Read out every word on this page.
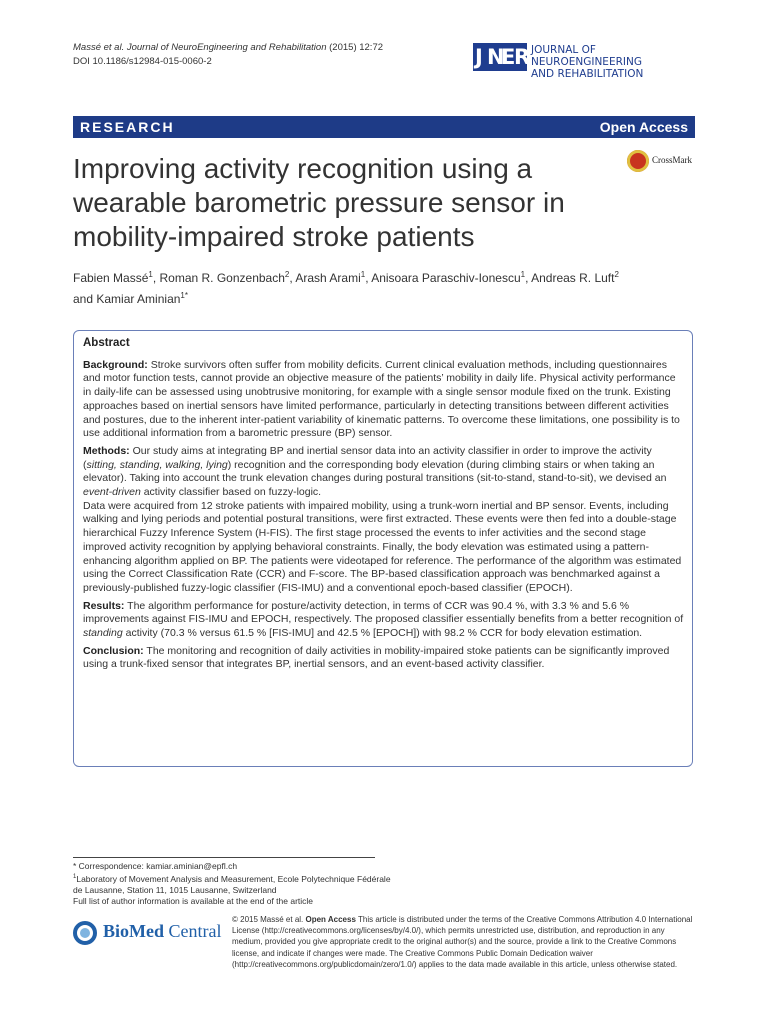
Massé et al. Journal of NeuroEngineering and Rehabilitation (2015) 12:72
DOI 10.1186/s12984-015-0060-2	J N
E
R JOURNAL OF NEUROENGINEERING
AND REHABILITATION
RESEARCH	Open Access
CrossMark
Improving activity recognition using a wearable barometric pressure sensor in mobility-impaired stroke patients
Fabien Massé$^1$, Roman R. Gonzenbach$^2$, Arash Arami$^1$, Anisoara Paraschiv-Ionescu$^1$, Andreas R. Luft$^2$
and Kamiar Aminian$^{1*}$
Abstract

Background: Stroke survivors often suffer from mobility deficits. Current clinical evaluation methods, including questionnaires and motor function tests, cannot provide an objective measure of the patients’ mobility in daily life. Physical activity performance in daily-life can be assessed using unobtrusive monitoring, for example with a single sensor module fixed on the trunk. Existing approaches based on inertial sensors have limited performance, particularly in detecting transitions between different activities and postures, due to the inherent inter-patient variability of kinematic patterns. To overcome these limitations, one possibility is to use additional information from a barometric pressure (BP) sensor.

Methods: Our study aims at integrating BP and inertial sensor data into an activity classifier in order to improve the activity (sitting, standing, walking, lying) recognition and the corresponding body elevation (during climbing stairs or when taking an elevator). Taking into account the trunk elevation changes during postural transitions (sit-to-stand, stand-to-sit), we devised an event-driven activity classifier based on fuzzy-logic.
Data were acquired from 12 stroke patients with impaired mobility, using a trunk-worn inertial and BP sensor. Events, including walking and lying periods and potential postural transitions, were first extracted. These events were then fed into a double-stage hierarchical Fuzzy Inference System (H-FIS). The first stage processed the events to infer activities and the second stage improved activity recognition by applying behavioral constraints. Finally, the body elevation was estimated using a pattern-enhancing algorithm applied on BP. The patients were videotaped for reference. The performance of the algorithm was estimated using the Correct Classification Rate (CCR) and F-score. The BP-based classification approach was benchmarked against a previously-published fuzzy-logic classifier (FIS-IMU) and a conventional epoch-based classifier (EPOCH).

Results: The algorithm performance for posture/activity detection, in terms of CCR was 90.4 %, with 3.3 % and 5.6 % improvements against FIS-IMU and EPOCH, respectively. The proposed classifier essentially benefits from a better recognition of standing activity (70.3 % versus 61.5 % [FIS-IMU] and 42.5 % [EPOCH]) with 98.2 % CCR for body elevation estimation.

Conclusion: The monitoring and recognition of daily activities in mobility-impaired stoke patients can be significantly improved using a trunk-fixed sensor that integrates BP, inertial sensors, and an event-based activity classifier.

* Correspondence: kamiar.aminian@epfl.ch
$^1$Laboratory of Movement Analysis and Measurement, Ecole Polytechnique Fédérale de Lausanne, Station 11, 1015 Lausanne, Switzerland
Full list of author information is available at the end of the article
BioMed Central
© 2015 Massé et al. Open Access This article is distributed under the terms of the Creative Commons Attribution 4.0 International License (http://creativecommons.org/licenses/by/4.0/), which permits unrestricted use, distribution, and reproduction in any medium, provided you give appropriate credit to the original author(s) and the source, provide a link to the Creative Commons license, and indicate if changes were made. The Creative Commons Public Domain Dedication waiver (http://creativecommons.org/publicdomain/zero/1.0/) applies to the data made available in this article, unless otherwise stated.
